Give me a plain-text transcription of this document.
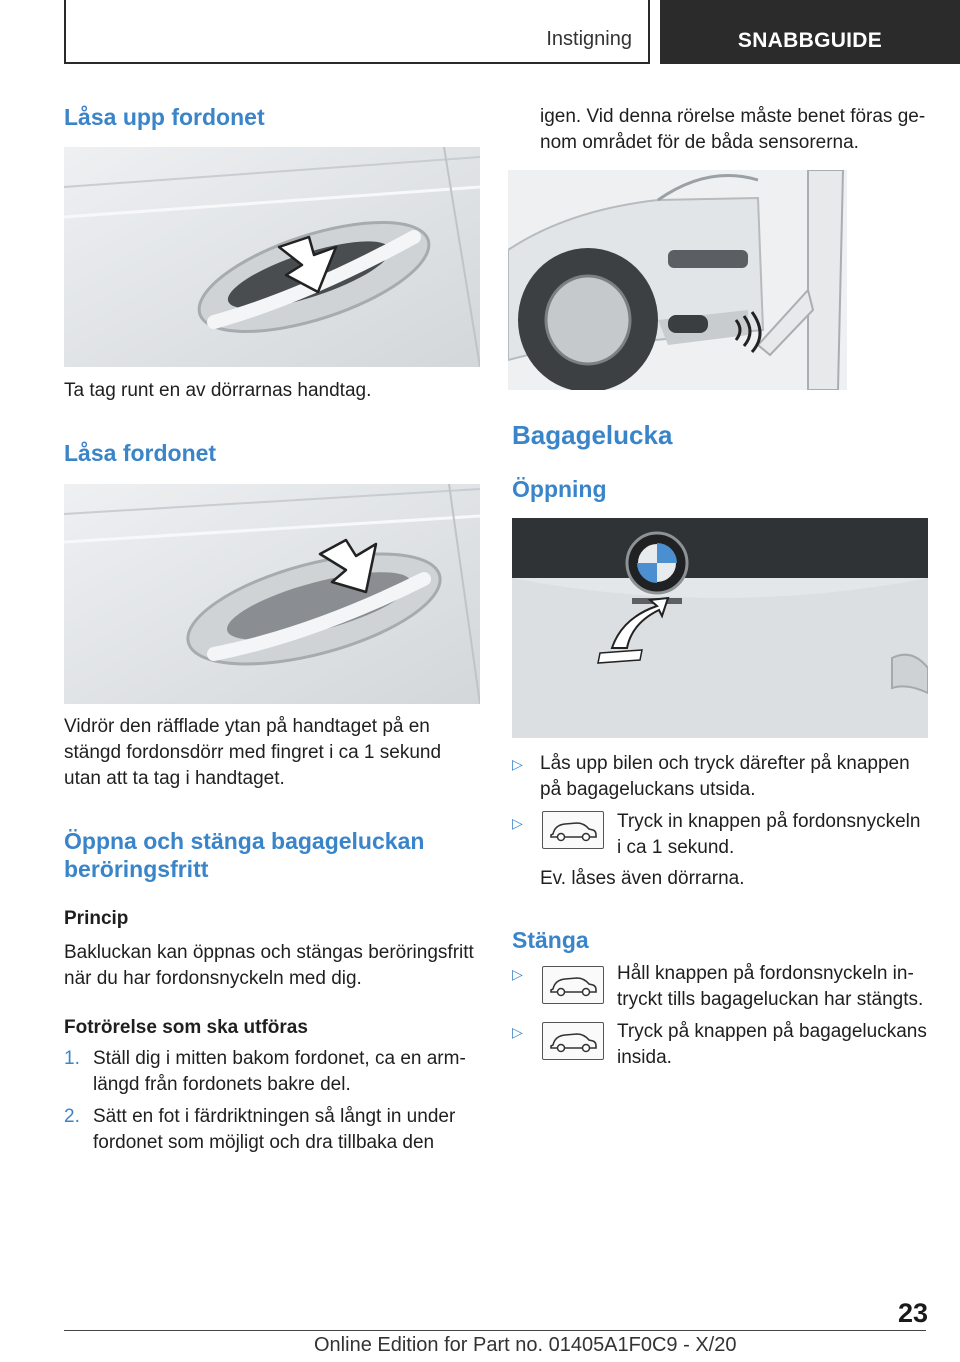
Instigning	SNABBGUIDE
Låsa upp fordonet

Ta tag runt en av dörrarnas handtag.

Låsa fordonet

Vidrör den räfflade ytan på handtaget på en

stängd fordonsdörr med fingret i ca 1 sekund

utan att ta tag i handtaget.

Öppna och stänga bagageluckan
beröringsfritt

Princip

Bakluckan kan öppnas och stängas beröringsfritt

när du har fordonsnyckeln med dig.

Fotrörelse som ska utföras

1. Ställ dig i mitten bakom fordonet, ca en arm-

längd från fordonets bakre del.

2. Sätt en fot i färdriktningen så långt in under

fordonet som möjligt och dra tillbaka den

igen. Vid denna rörelse måste benet föras ge-

nom området för de båda sensorerna.

Bagagelucka
Öppning
▷ Lås upp bilen och tryck därefter på knappen

på bagageluckans utsida.

▷	Tryck in knappen på fordonsnyckeln

i ca 1 sekund.

Ev. låses även dörrarna.

Stänga
▷	Håll knappen på fordonsnyckeln in-

tryckt tills bagageluckan har stängts.

▷	Tryck på knappen på bagageluckans

insida.

23
Online Edition for Part no. 01405A1F0C9 - X/20
